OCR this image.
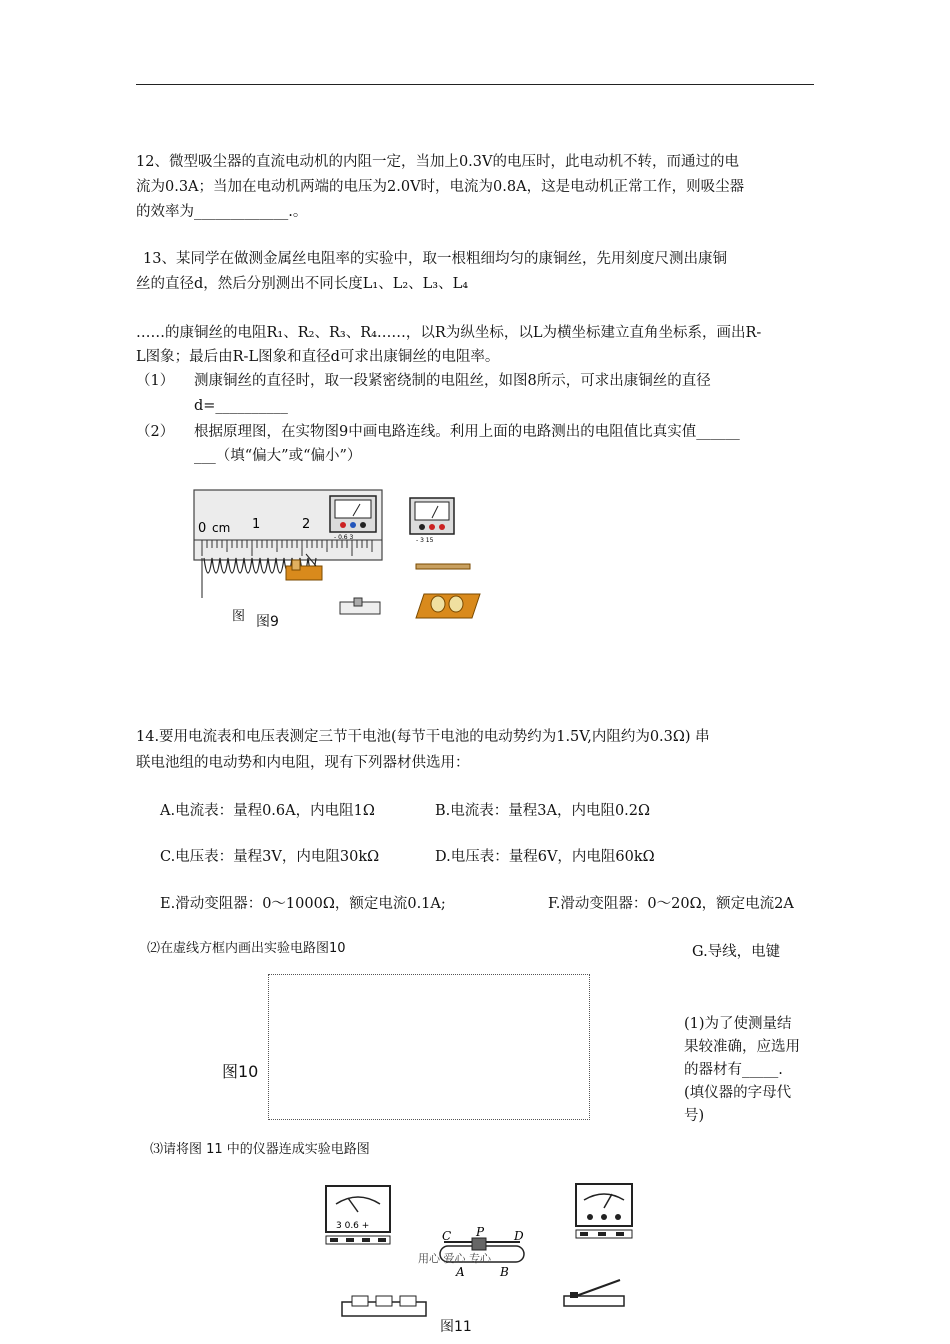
12、微型吸尘器的直流电动机的内阻一定，当加上0.3V的电压时，此电动机不转，而通过的电
流为0.3A；当加在电动机两端的电压为2.0V时，电流为0.8A，这是电动机正常工作，则吸尘器
的效率为_____________.。
13、某同学在做测金属丝电阻率的实验中，取一根粗细均匀的康铜丝，先用刻度尺测出康铜
丝的直径d，然后分别测出不同长度L₁、L₂、L₃、L₄
……的康铜丝的电阻R₁、R₂、R₃、R₄……，以R为纵坐标，以L为横坐标建立直角坐标系，画出R-
L图象；最后由R-L图象和直径d可求出康铜丝的电阻率。
（1） 测康铜丝的直径时，取一段紧密绕制的电阻丝，如图8所示，可求出康铜丝的直径
d=__________
（2） 根据原理图，在实物图9中画电路连线。利用上面的电路测出的电阻值比真实值______
___（填“偏大”或“偏小”）
0 cm 1	2
- 0.6 3	- 3 15
图 图9
14.要用电流表和电压表测定三节干电池(每节干电池的电动势约为1.5V,内阻约为0.3Ω) 串
联电池组的电动势和内电阻，现有下列器材供选用：
A.电流表：量程0.6A，内电阻1Ω	B.电流表：量程3A，内电阻0.2Ω
C.电压表：量程3V，内电阻30kΩ	D.电压表：量程6V，内电阻60kΩ
E.滑动变阻器：0～1000Ω，额定电流0.1A;	F.滑动变阻器：0～20Ω，额定电流2A
⑵在虚线方框内画出实验电路图10	G.导线，电键
图10
(1)为了使测量结
果较准确，应选用
的器材有_____.
(填仪器的字母代
号)
⑶请将图 11 中的仪器连成实验电路图
3 0.6 +
C P D
A	B
用心 爱心 专心
图11
